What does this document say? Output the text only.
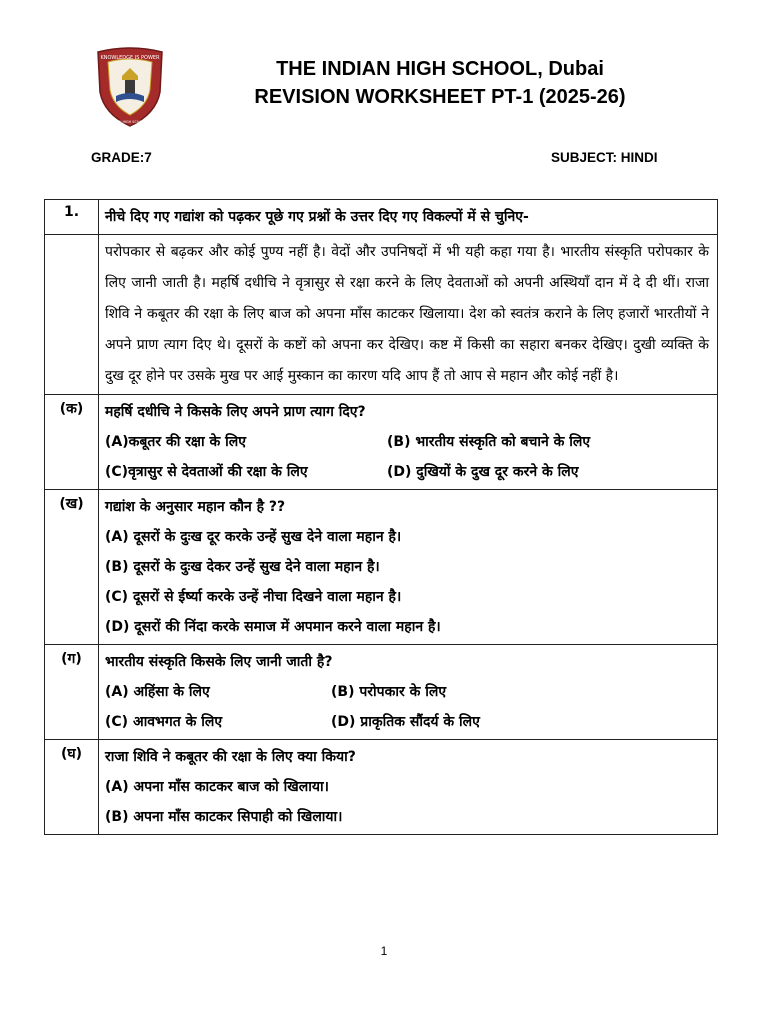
KNOWLEDGE IS POWER
THE INDIAN HIGH SCHOOL DUBAI
THE INDIAN HIGH SCHOOL, Dubai
REVISION WORKSHEET PT-1 (2025-26)
GRADE:7	SUBJECT: HINDI
1.	नीचे दिए गए गद्यांश को पढ़कर पूछे गए प्रश्नों के उत्तर दिए गए विकल्पों में से चुनिए-

	परोपकार से बढ़कर और कोई पुण्य नहीं है। वेदों और उपनिषदों में भी यही कहा गया है। भारतीय संस्कृति परोपकार के लिए जानी जाती है। महर्षि दधीचि ने वृत्रासुर से रक्षा करने के लिए देवताओं को अपनी अस्थियाँ दान में दे दी थीं। राजा शिवि ने कबूतर की रक्षा के लिए बाज को अपना माँस काटकर खिलाया। देश को स्वतंत्र कराने के लिए हजारों भारतीयों ने अपने प्राण त्याग दिए थे। दूसरों के कष्टों को अपना कर देखिए। कष्ट में किसी का सहारा बनकर देखिए। दुखी व्यक्ति के दुख दूर होने पर उसके मुख पर आई मुस्कान का कारण यदि आप हैं तो आप से महान और कोई नहीं है।

(क)	महर्षि दधीचि ने किसके लिए अपने प्राण त्याग दिए?
(A)कबूतर की रक्षा के लिए (B) भारतीय संस्कृति को बचाने के लिए
(C)वृत्रासुर से देवताओं की रक्षा के लिए (D) दुखियों के दुख दूर करने के लिए

(ख)	गद्यांश के अनुसार महान कौन है ??
(A) दूसरों के दुःख दूर करके उन्हें सुख देने वाला महान है।
(B) दूसरों के दुःख देकर उन्हें सुख देने वाला महान है।
(C) दूसरों से ईर्ष्या करके उन्हें नीचा दिखने वाला महान है।
(D) दूसरों की निंदा करके समाज में अपमान करने वाला महान है।

(ग)	भारतीय संस्कृति किसके लिए जानी जाती है?
(A) अहिंसा के लिए (B) परोपकार के लिए
(C) आवभगत के लिए (D) प्राकृतिक सौंदर्य के लिए

(घ)	राजा शिवि ने कबूतर की रक्षा के लिए क्या किया?
(A) अपना माँस काटकर बाज को खिलाया।
(B) अपना माँस काटकर सिपाही को खिलाया।
1
